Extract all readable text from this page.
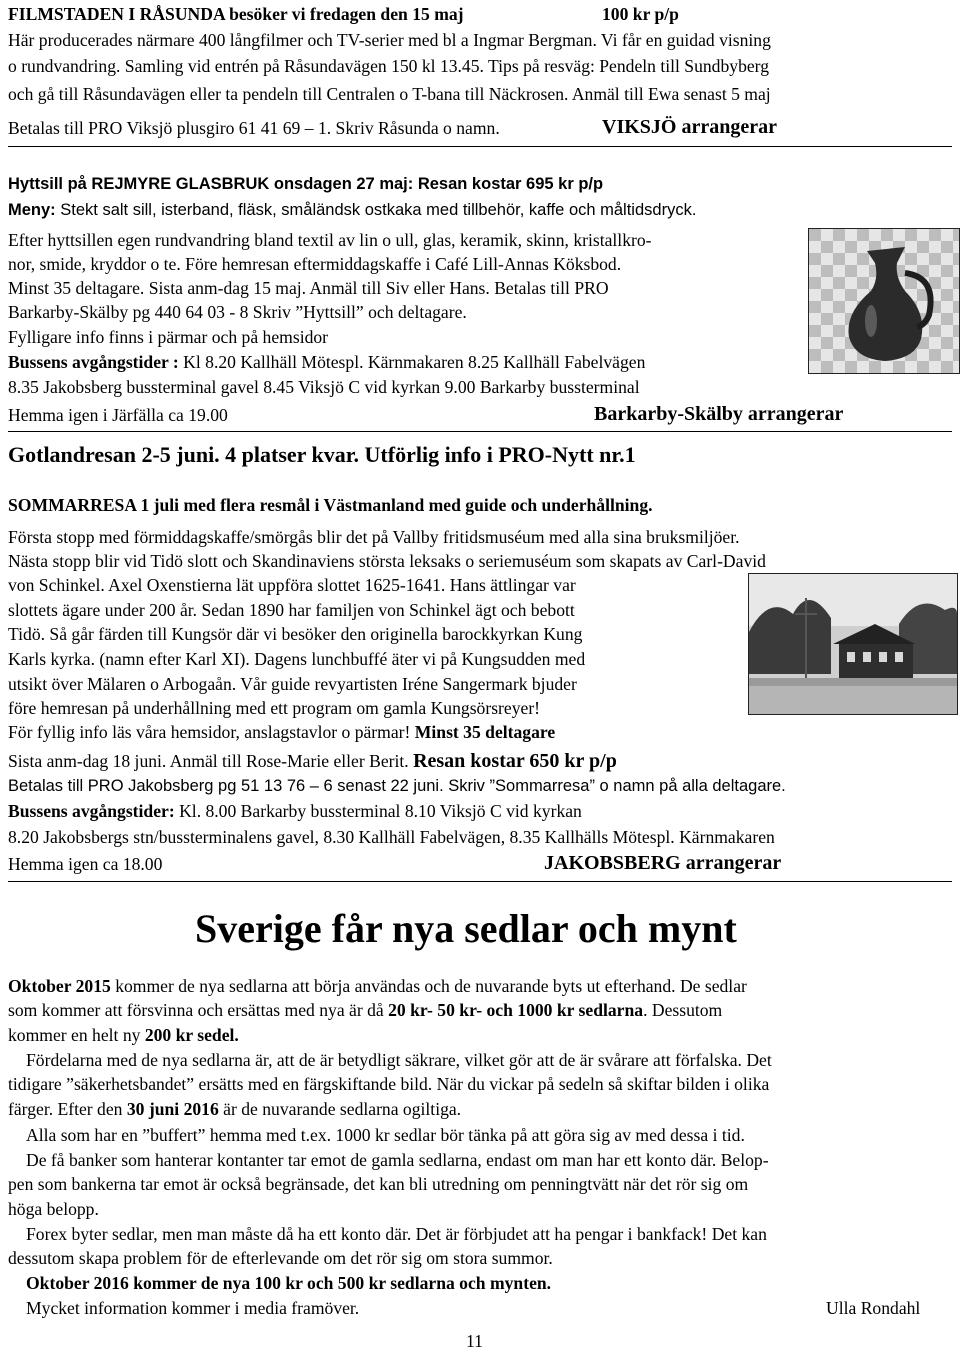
FILMSTADEN I RÅSUNDA besöker vi fredagen den 15 maj	100 kr p/p
Här producerades närmare 400 långfilmer och TV-serier med bl a Ingmar Bergman. Vi får en guidad visning
o rundvandring. Samling vid entrén på Råsundavägen 150 kl 13.45. Tips på resväg: Pendeln till Sundbyberg
och gå till Råsundavägen eller ta pendeln till Centralen o T-bana till Näckrosen. Anmäl till Ewa senast 5 maj
Betalas till PRO Viksjö plusgiro 61 41 69 – 1. Skriv Råsunda o namn.	VIKSJÖ arrangerar
Hyttsill på REJMYRE GLASBRUK onsdagen 27 maj: Resan kostar 695 kr p/p
Meny: Stekt salt sill, isterband, fläsk, småländsk ostkaka med tillbehör, kaffe och måltidsdryck.
Efter hyttsillen egen rundvandring bland textil av lin o ull, glas, keramik, skinn, kristallkro-
nor, smide, kryddor o te. Före hemresan eftermiddagskaffe i Café Lill-Annas Köksbod.
Minst 35 deltagare. Sista anm-dag 15 maj. Anmäl till Siv eller Hans. Betalas till PRO
Barkarby-Skälby pg 440 64 03 - 8 Skriv ”Hyttsill” och deltagare.
Fylligare info finns i pärmar och på hemsidor
Bussens avgångstider : Kl 8.20 Kallhäll Mötespl. Kärnmakaren 8.25 Kallhäll Fabelvägen
8.35 Jakobsberg bussterminal gavel 8.45 Viksjö C vid kyrkan 9.00 Barkarby bussterminal
Hemma igen i Järfälla ca 19.00	Barkarby-Skälby arrangerar
Gotlandresan 2-5 juni. 4 platser kvar. Utförlig info i PRO-Nytt nr.1
SOMMARRESA 1 juli med flera resmål i Västmanland med guide och underhållning.
Första stopp med förmiddagskaffe/smörgås blir det på Vallby fritidsmuséum med alla sina bruksmiljöer.
Nästa stopp blir vid Tidö slott och Skandinaviens största leksaks o seriemuséum som skapats av Carl-David
von Schinkel. Axel Oxenstierna lät uppföra slottet 1625-1641. Hans ättlingar var
slottets ägare under 200 år. Sedan 1890 har familjen von Schinkel ägt och bebott
Tidö. Så går färden till Kungsör där vi besöker den originella barockkyrkan Kung
Karls kyrka. (namn efter Karl XI). Dagens lunchbuffé äter vi på Kungsudden med
utsikt över Mälaren o Arbogaån. Vår guide revyartisten Iréne Sangermark bjuder
före hemresan på underhållning med ett program om gamla Kungsörsreyer!
För fyllig info läs våra hemsidor, anslagstavlor o pärmar! Minst 35 deltagare
Sista anm-dag 18 juni. Anmäl till Rose-Marie eller Berit. Resan kostar 650 kr p/p
Betalas till PRO Jakobsberg pg 51 13 76 – 6 senast 22 juni. Skriv ”Sommarresa” o namn på alla deltagare.
Bussens avgångstider: Kl. 8.00 Barkarby bussterminal 8.10 Viksjö C vid kyrkan
8.20 Jakobsbergs stn/bussterminalens gavel, 8.30 Kallhäll Fabelvägen, 8.35 Kallhälls Mötespl. Kärnmakaren
Hemma igen ca 18.00	JAKOBSBERG arrangerar
Sverige får nya sedlar och mynt
Oktober 2015 kommer de nya sedlarna att börja användas och de nuvarande byts ut efterhand. De sedlar
som kommer att försvinna och ersättas med nya är då 20 kr- 50 kr- och 1000 kr sedlarna. Dessutom
kommer en helt ny 200 kr sedel.
Fördelarna med de nya sedlarna är, att de är betydligt säkrare, vilket gör att de är svårare att förfalska. Det
tidigare ”säkerhetsbandet” ersätts med en färgskiftande bild. När du vickar på sedeln så skiftar bilden i olika
färger. Efter den 30 juni 2016 är de nuvarande sedlarna ogiltiga.
Alla som har en ”buffert” hemma med t.ex. 1000 kr sedlar bör tänka på att göra sig av med dessa i tid.
De få banker som hanterar kontanter tar emot de gamla sedlarna, endast om man har ett konto där. Belop-
pen som bankerna tar emot är också begränsade, det kan bli utredning om penningtvätt när det rör sig om
höga belopp.
Forex byter sedlar, men man måste då ha ett konto där. Det är förbjudet att ha pengar i bankfack! Det kan
dessutom skapa problem för de efterlevande om det rör sig om stora summor.
Oktober 2016 kommer de nya 100 kr och 500 kr sedlarna och mynten.
Mycket information kommer i media framöver.	Ulla Rondahl
11
